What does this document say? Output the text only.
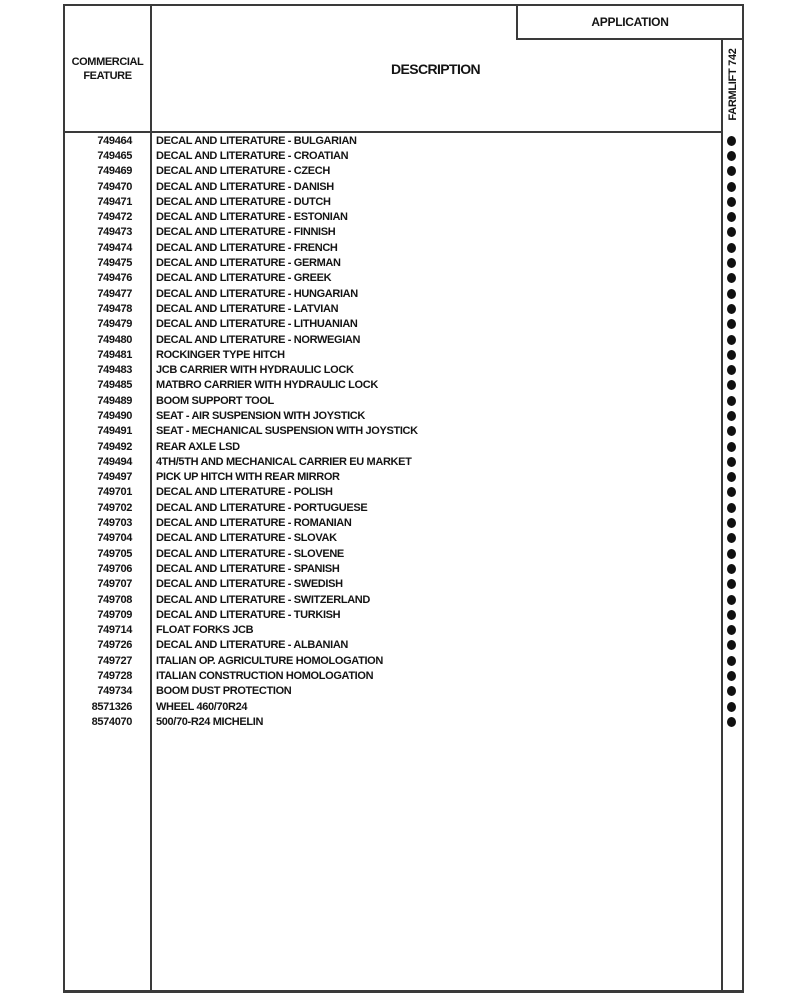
APPLICATION
COMMERCIAL
FEATURE	DESCRIPTION	FARMLIFT 742
749464	DECAL AND LITERATURE - BULGARIAN
749465	DECAL AND LITERATURE - CROATIAN
749469	DECAL AND LITERATURE - CZECH
749470	DECAL AND LITERATURE - DANISH
749471	DECAL AND LITERATURE - DUTCH
749472	DECAL AND LITERATURE - ESTONIAN
749473	DECAL AND LITERATURE - FINNISH
749474	DECAL AND LITERATURE - FRENCH
749475	DECAL AND LITERATURE - GERMAN
749476	DECAL AND LITERATURE - GREEK
749477	DECAL AND LITERATURE - HUNGARIAN
749478	DECAL AND LITERATURE - LATVIAN
749479	DECAL AND LITERATURE - LITHUANIAN
749480	DECAL AND LITERATURE - NORWEGIAN
749481	ROCKINGER TYPE HITCH
749483	JCB CARRIER WITH HYDRAULIC LOCK
749485	MATBRO CARRIER WITH HYDRAULIC LOCK
749489	BOOM SUPPORT TOOL
749490	SEAT - AIR SUSPENSION WITH JOYSTICK
749491	SEAT - MECHANICAL SUSPENSION WITH JOYSTICK
749492	REAR AXLE LSD
749494	4TH/5TH AND MECHANICAL CARRIER EU MARKET
749497	PICK UP HITCH WITH REAR MIRROR
749701	DECAL AND LITERATURE - POLISH
749702	DECAL AND LITERATURE - PORTUGUESE
749703	DECAL AND LITERATURE - ROMANIAN
749704	DECAL AND LITERATURE - SLOVAK
749705	DECAL AND LITERATURE - SLOVENE
749706	DECAL AND LITERATURE - SPANISH
749707	DECAL AND LITERATURE - SWEDISH
749708	DECAL AND LITERATURE - SWITZERLAND
749709	DECAL AND LITERATURE - TURKISH
749714	FLOAT FORKS JCB
749726	DECAL AND LITERATURE - ALBANIAN
749727	ITALIAN OP. AGRICULTURE HOMOLOGATION
749728	ITALIAN CONSTRUCTION HOMOLOGATION
749734	BOOM DUST PROTECTION
8571326	WHEEL 460/70R24
8574070	500/70-R24 MICHELIN
